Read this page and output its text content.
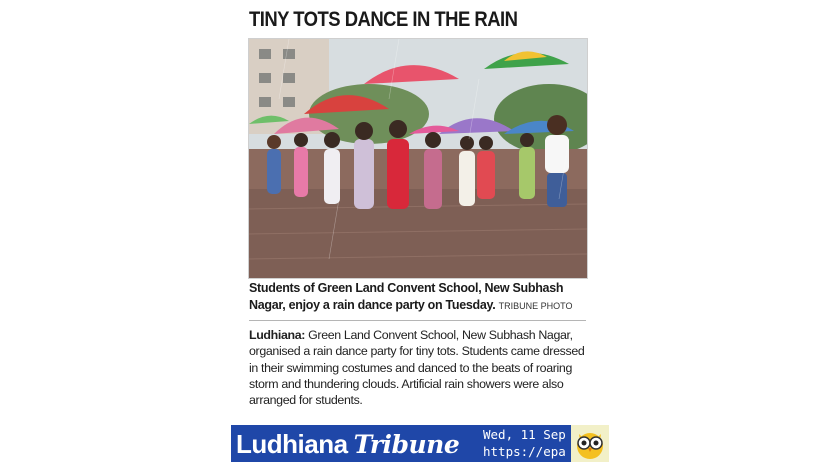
TINY TOTS DANCE IN THE RAIN
Students of Green Land Convent School, New Subhash Nagar, enjoy a rain dance party on Tuesday. TRIBUNE PHOTO
Ludhiana: Green Land Convent School, New Subhash Nagar, organised a rain dance party for tiny tots. Students came dressed in their swimming costumes and danced to the beats of roaring storm and thundering clouds. Artificial rain showers were also arranged for students.
Ludhiana Tribune Wed, 11 Sep
https://epa
